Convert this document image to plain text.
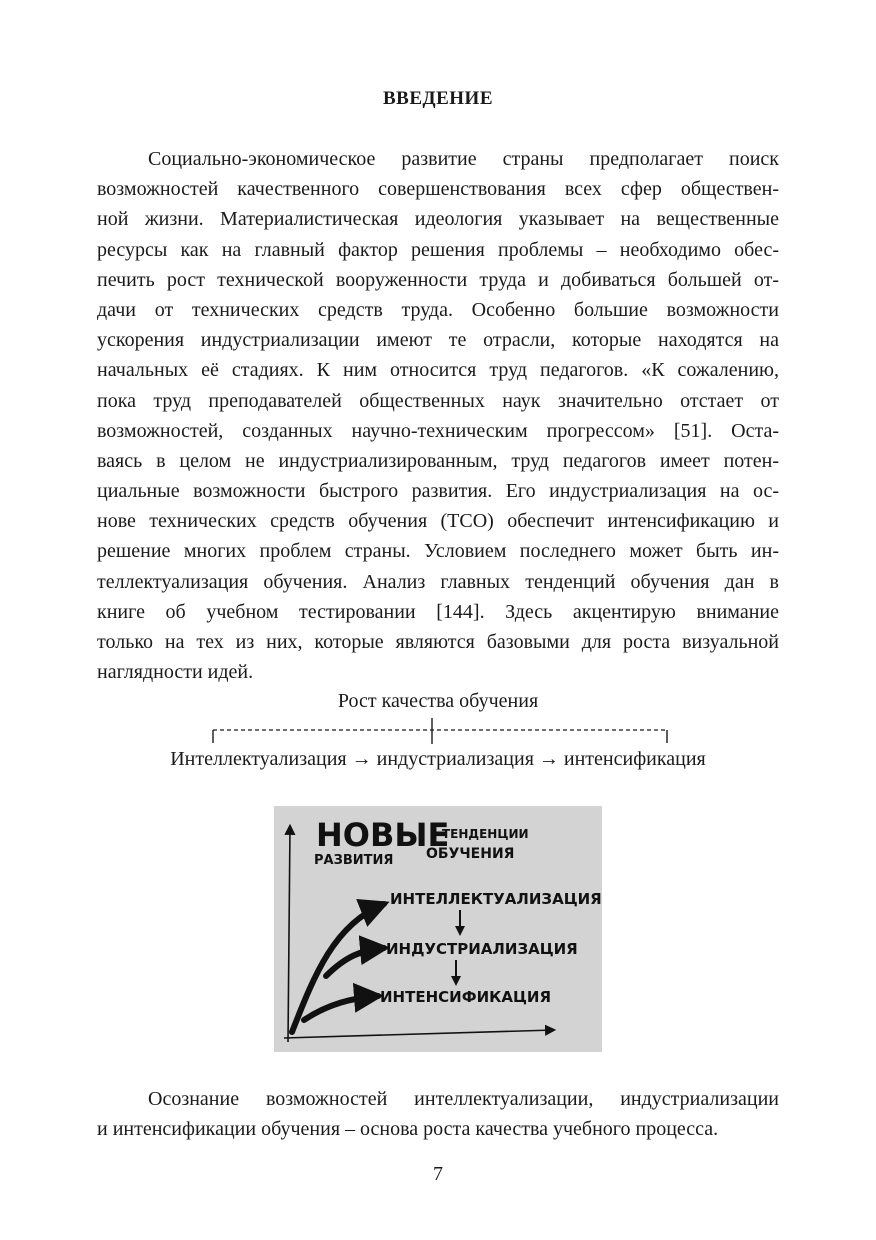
ВВЕДЕНИЕ
Социально-экономическое развитие страны предполагает поиск
возможностей качественного совершенствования всех сфер обществен-
ной жизни. Материалистическая идеология указывает на вещественные
ресурсы как на главный фактор решения проблемы – необходимо обес-
печить рост технической вооруженности труда и добиваться большей от-
дачи от технических средств труда. Особенно большие возможности
ускорения индустриализации имеют те отрасли, которые находятся на
начальных её стадиях. К ним относится труд педагогов. «К сожалению,
пока труд преподавателей общественных наук значительно отстает от
возможностей, созданных научно-техническим прогрессом» [51]. Оста-
ваясь в целом не индустриализированным, труд педагогов имеет потен-
циальные возможности быстрого развития. Его индустриализация на ос-
нове технических средств обучения (ТСО) обеспечит интенсификацию и
решение многих проблем страны. Условием последнего может быть ин-
теллектуализация обучения. Анализ главных тенденций обучения дан в
книге об учебном тестировании [144]. Здесь акцентирую внимание
только на тех из них, которые являются базовыми для роста визуальной
наглядности идей.
Рост качества обучения
Интеллектуализация → индустриализация → интенсификация
НОВЫЕ
ТЕНДЕНЦИИ
РАЗВИТИЯ ОБУЧЕНИЯ
ИНТЕЛЛЕКТУАЛИЗАЦИЯ
ИНДУСТРИАЛИЗАЦИЯ
ИНТЕНСИФИКАЦИЯ
Осознание возможностей интеллектуализации, индустриализации
и интенсификации обучения – основа роста качества учебного процесса.
7
